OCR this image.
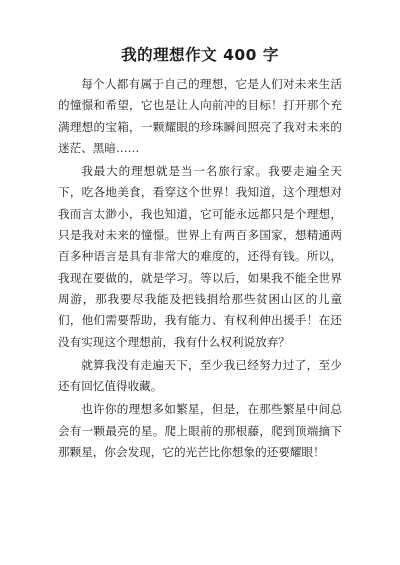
我的理想作文 400 字

每个人都有属于自己的理想，它是人们对未来生活的憧憬和希望，它也是让人向前冲的目标！打开那个充满理想的宝箱，一颗耀眼的珍珠瞬间照亮了我对未来的迷茫、黑暗……

我最大的理想就是当一名旅行家。我要走遍全天下，吃各地美食，看穿这个世界！我知道，这个理想对我而言太渺小，我也知道，它可能永远都只是个理想，只是我对未来的憧憬。世界上有两百多国家，想精通两百多种语言是具有非常大的难度的，还得有钱。所以，我现在要做的，就是学习。等以后，如果我不能全世界周游，那我要尽我能及把钱捐给那些贫困山区的儿童们，他们需要帮助，我有能力、有权利伸出援手！在还没有实现这个理想前，我有什么权利说放弃？

就算我没有走遍天下，至少我已经努力过了，至少还有回忆值得收藏。

也许你的理想多如繁星，但是，在那些繁星中间总会有一颗最亮的星。爬上眼前的那根藤，爬到顶端摘下那颗星，你会发现，它的光芒比你想象的还要耀眼！
